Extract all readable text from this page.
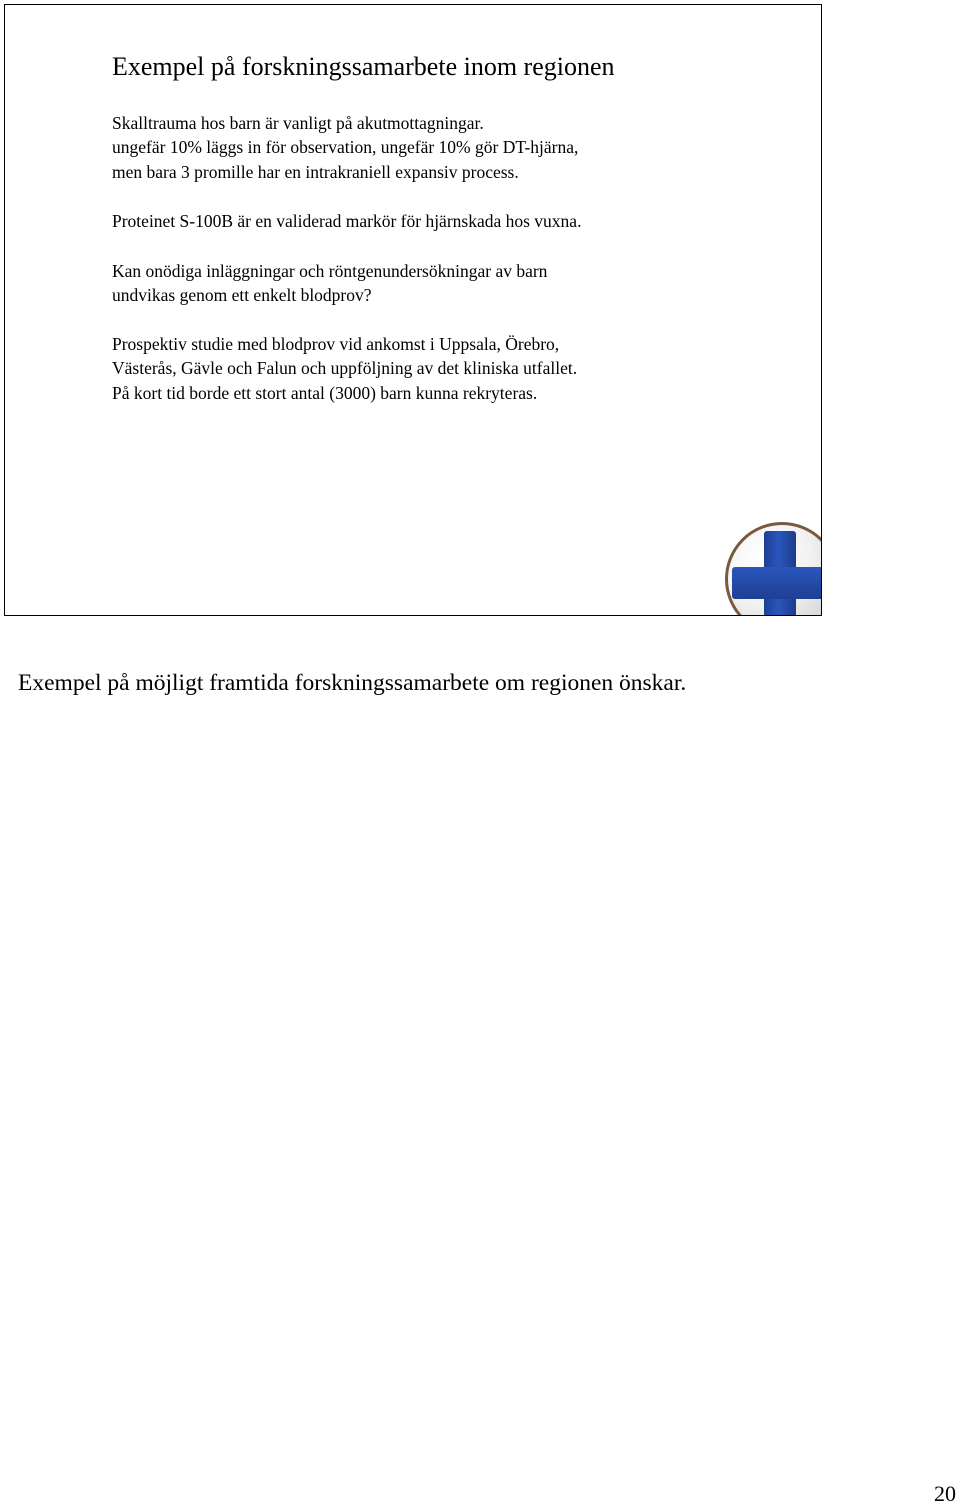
Exempel på forskningssamarbete inom regionen

Skalltrauma hos barn är vanligt på akutmottagningar.
ungefär 10% läggs in för observation, ungefär 10% gör DT-hjärna,
men bara 3 promille har en intrakraniell expansiv process.

Proteinet S-100B är en validerad markör för hjärnskada hos vuxna.

Kan onödiga inläggningar och röntgenundersökningar av barn
undvikas genom ett enkelt blodprov?

Prospektiv studie med blodprov vid ankomst i Uppsala, Örebro,
Västerås, Gävle och Falun och uppföljning av det kliniska utfallet.
På kort tid borde ett stort antal (3000) barn kunna rekryteras.

Exempel på möjligt framtida forskningssamarbete om regionen önskar.
20
